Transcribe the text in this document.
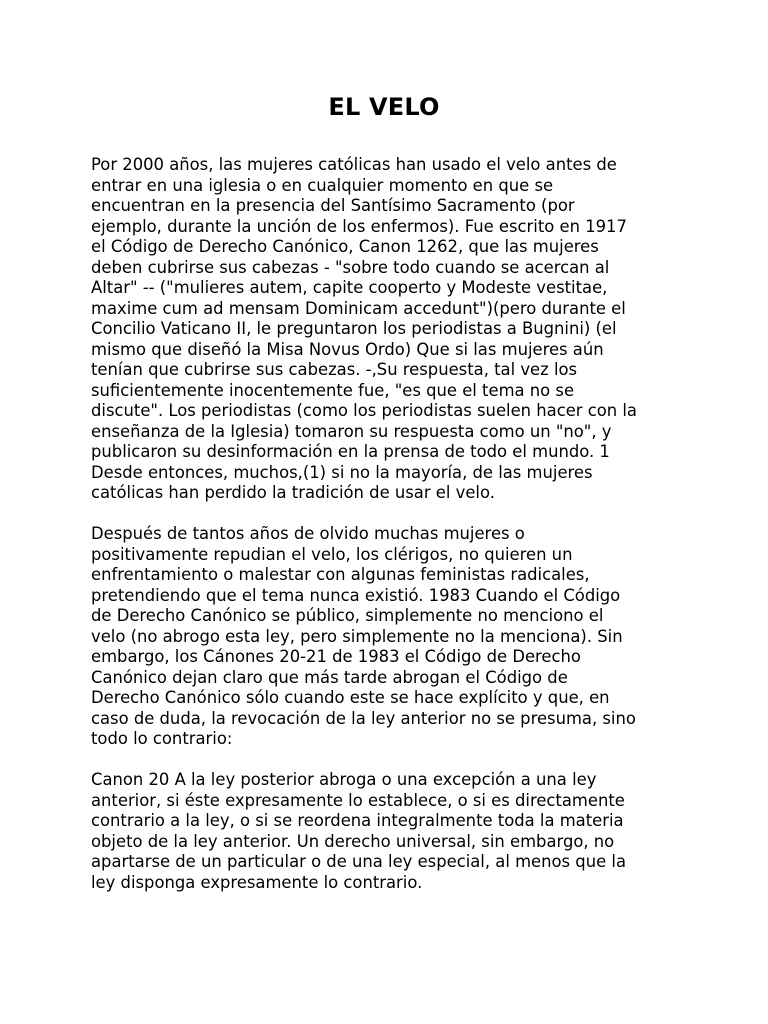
EL VELO
Por 2000 años, las mujeres católicas han usado el velo antes de
entrar en una iglesia o en cualquier momento en que se
encuentran en la presencia del Santísimo Sacramento (por
ejemplo, durante la unción de los enfermos). Fue escrito en 1917
el Código de Derecho Canónico, Canon 1262, que las mujeres
deben cubrirse sus cabezas - "sobre todo cuando se acercan al
Altar" -- ("mulieres autem, capite cooperto y Modeste vestitae,
maxime cum ad mensam Dominicam accedunt")(pero durante el
Concilio Vaticano II, le preguntaron los periodistas a Bugnini) (el
mismo que diseñó la Misa Novus Ordo) Que si las mujeres aún
tenían que cubrirse sus cabezas. -,Su respuesta, tal vez los
suficientemente inocentemente fue, "es que el tema no se
discute". Los periodistas (como los periodistas suelen hacer con la
enseñanza de la Iglesia) tomaron su respuesta como un "no", y
publicaron su desinformación en la prensa de todo el mundo. 1
Desde entonces, muchos,(1) si no la mayoría, de las mujeres
católicas han perdido la tradición de usar el velo.
Después de tantos años de olvido muchas mujeres o
positivamente repudian el velo, los clérigos, no quieren un
enfrentamiento o malestar con algunas feministas radicales,
pretendiendo que el tema nunca existió. 1983 Cuando el Código
de Derecho Canónico se público, simplemente no menciono el
velo (no abrogo esta ley, pero simplemente no la menciona). Sin
embargo, los Cánones 20-21 de 1983 el Código de Derecho
Canónico dejan claro que más tarde abrogan el Código de
Derecho Canónico sólo cuando este se hace explícito y que, en
caso de duda, la revocación de la ley anterior no se presuma, sino
todo lo contrario:
Canon 20 A la ley posterior abroga o una excepción a una ley
anterior, si éste expresamente lo establece, o si es directamente
contrario a la ley, o si se reordena integralmente toda la materia
objeto de la ley anterior. Un derecho universal, sin embargo, no
apartarse de un particular o de una ley especial, al menos que la
ley disponga expresamente lo contrario.
